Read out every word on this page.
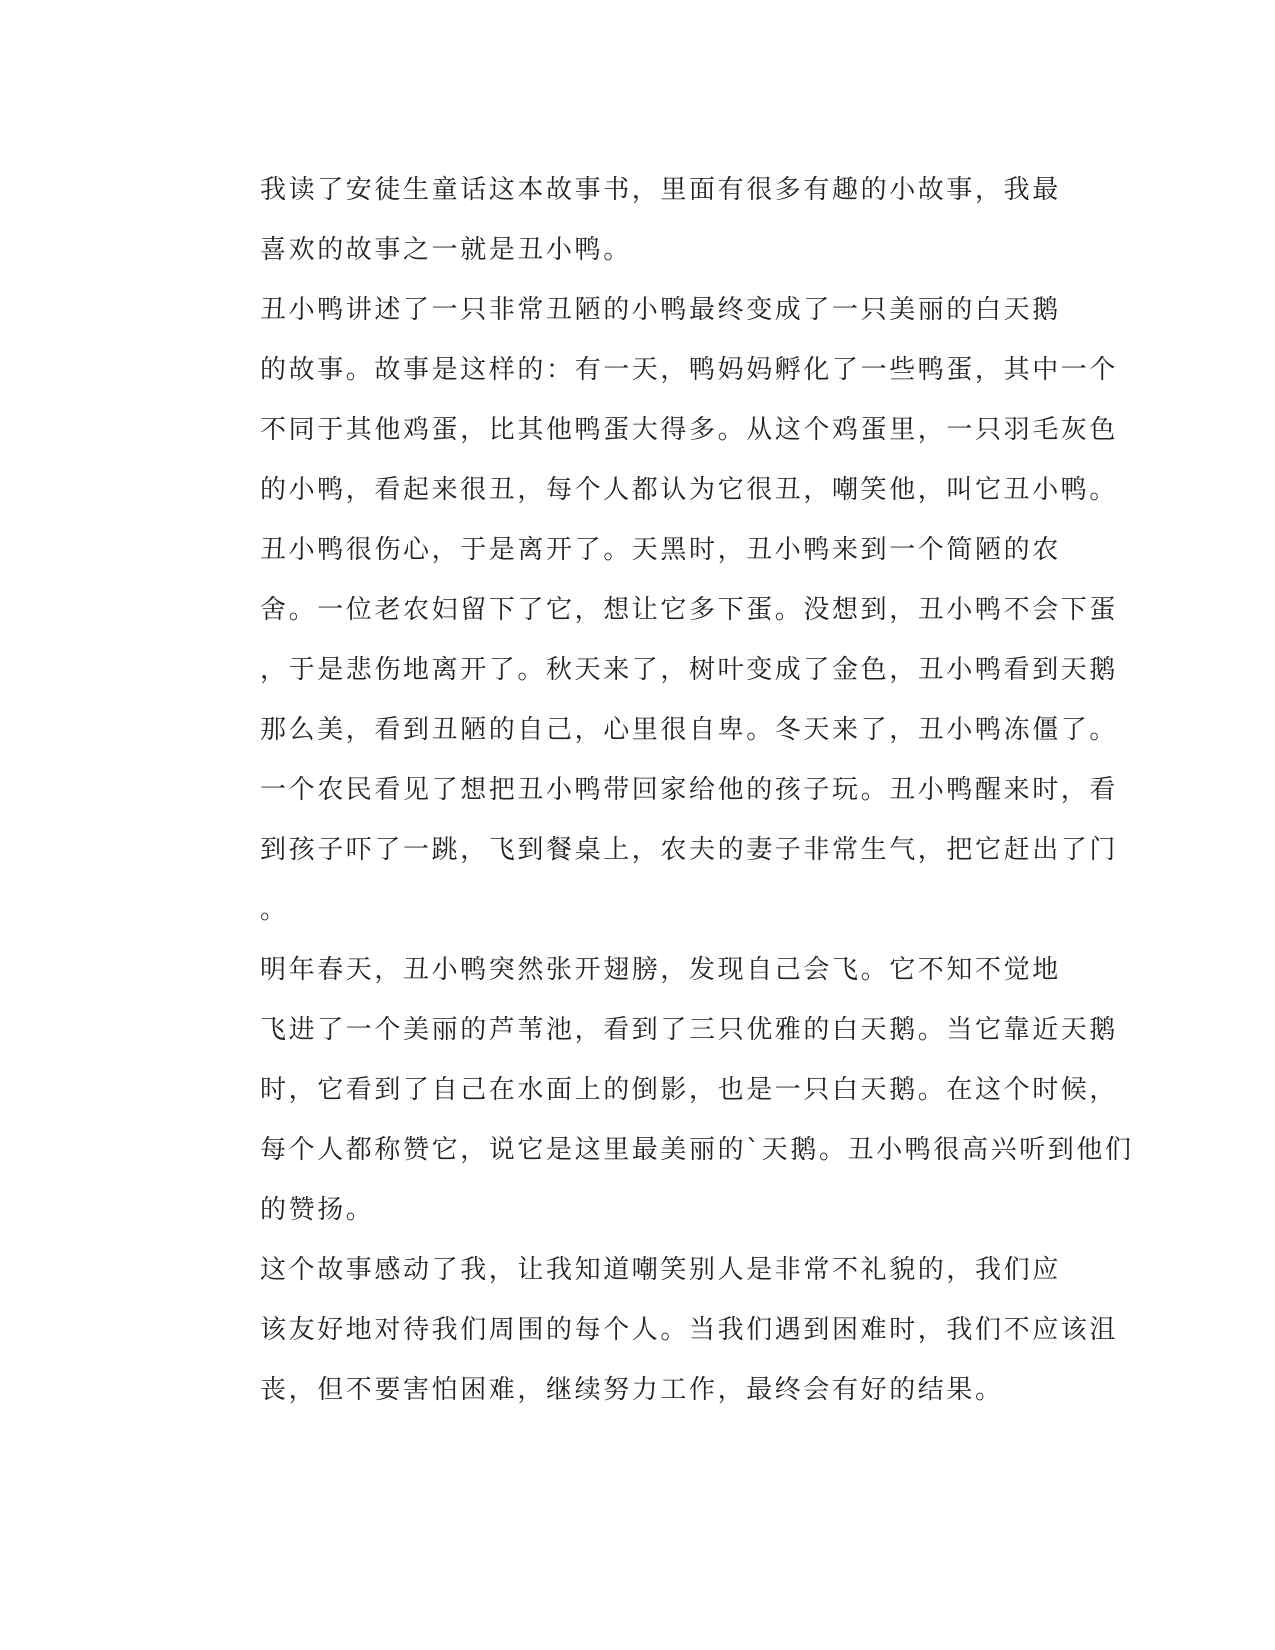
我读了安徒生童话这本故事书，里面有很多有趣的小故事，我最
喜欢的故事之一就是丑小鸭。

丑小鸭讲述了一只非常丑陋的小鸭最终变成了一只美丽的白天鹅
的故事。故事是这样的：有一天，鸭妈妈孵化了一些鸭蛋，其中一个
不同于其他鸡蛋，比其他鸭蛋大得多。从这个鸡蛋里，一只羽毛灰色
的小鸭，看起来很丑，每个人都认为它很丑，嘲笑他，叫它丑小鸭。

丑小鸭很伤心，于是离开了。天黑时，丑小鸭来到一个简陋的农
舍。一位老农妇留下了它，想让它多下蛋。没想到，丑小鸭不会下蛋
，于是悲伤地离开了。秋天来了，树叶变成了金色，丑小鸭看到天鹅
那么美，看到丑陋的自己，心里很自卑。冬天来了，丑小鸭冻僵了。
一个农民看见了想把丑小鸭带回家给他的孩子玩。丑小鸭醒来时，看
到孩子吓了一跳，飞到餐桌上，农夫的妻子非常生气，把它赶出了门
。

明年春天，丑小鸭突然张开翅膀，发现自己会飞。它不知不觉地
飞进了一个美丽的芦苇池，看到了三只优雅的白天鹅。当它靠近天鹅
时，它看到了自己在水面上的倒影，也是一只白天鹅。在这个时候，
每个人都称赞它，说它是这里最美丽的`天鹅。丑小鸭很高兴听到他们
的赞扬。

这个故事感动了我，让我知道嘲笑别人是非常不礼貌的，我们应
该友好地对待我们周围的每个人。当我们遇到困难时，我们不应该沮
丧，但不要害怕困难，继续努力工作，最终会有好的结果。
